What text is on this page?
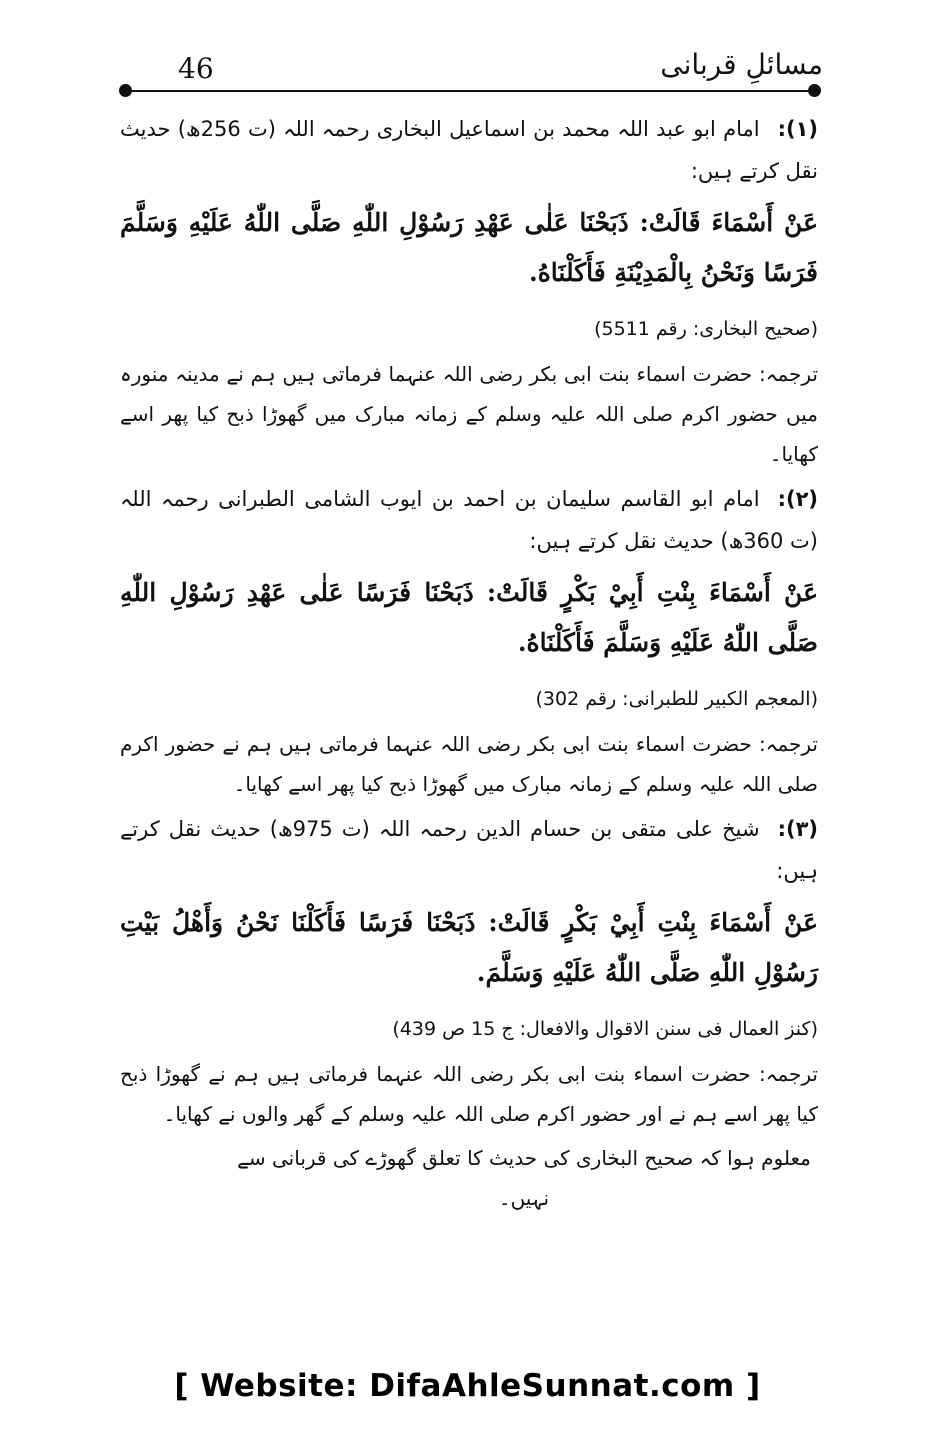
46	مسائلِ قربانی

(۱):امام ابو عبد اللہ محمد بن اسماعیل البخاری رحمہ اللہ (ت 256ھ) حدیث نقل کرتے ہیں:

عَنْ أَسْمَاءَ قَالَتْ: ذَبَحْنَا عَلٰى عَهْدِ رَسُوْلِ اللّٰهِ صَلَّى اللّٰهُ عَلَيْهِ وَسَلَّمَ فَرَسًا وَنَحْنُ بِالْمَدِيْنَةِ فَأَكَلْنَاهُ.

(صحیح البخاری: رقم 5511)

ترجمہ: حضرت اسماء بنت ابی بکر رضی اللہ عنہما فرماتی ہیں ہم نے مدینہ منورہ میں حضور اکرم صلی اللہ علیہ وسلم کے زمانہ مبارک میں گھوڑا ذبح کیا پھر اسے کھایا۔

(۲):امام ابو القاسم سلیمان بن احمد بن ایوب الشامی الطبرانی رحمہ اللہ (ت 360ھ) حدیث نقل کرتے ہیں:

عَنْ أَسْمَاءَ بِنْتِ أَبِيْ بَكْرٍ قَالَتْ: ذَبَحْنَا فَرَسًا عَلٰى عَهْدِ رَسُوْلِ اللّٰهِ صَلَّى اللّٰهُ عَلَيْهِ وَسَلَّمَ فَأَكَلْنَاهُ.

(المعجم الکبیر للطبرانی: رقم 302)

ترجمہ: حضرت اسماء بنت ابی بکر رضی اللہ عنہما فرماتی ہیں ہم نے حضور اکرم صلی اللہ علیہ وسلم کے زمانہ مبارک میں گھوڑا ذبح کیا پھر اسے کھایا۔

(۳):شیخ علی متقی بن حسام الدین رحمہ اللہ (ت 975ھ) حدیث نقل کرتے ہیں:

عَنْ أَسْمَاءَ بِنْتِ أَبِيْ بَكْرٍ قَالَتْ: ذَبَحْنَا فَرَسًا فَأَكَلْنَا نَحْنُ وَأَهْلُ بَيْتِ رَسُوْلِ اللّٰهِ صَلَّى اللّٰهُ عَلَيْهِ وَسَلَّمَ.

(کنز العمال فی سنن الاقوال والافعال: ج 15 ص 439)

ترجمہ: حضرت اسماء بنت ابی بکر رضی اللہ عنہما فرماتی ہیں ہم نے گھوڑا ذبح کیا پھر اسے ہم نے اور حضور اکرم صلی اللہ علیہ وسلم کے گھر والوں نے کھایا۔

معلوم ہوا کہ صحیح البخاری کی حدیث کا تعلق گھوڑے کی قربانی سے نہیں۔

[ Website: DifaAhleSunnat.com ]
